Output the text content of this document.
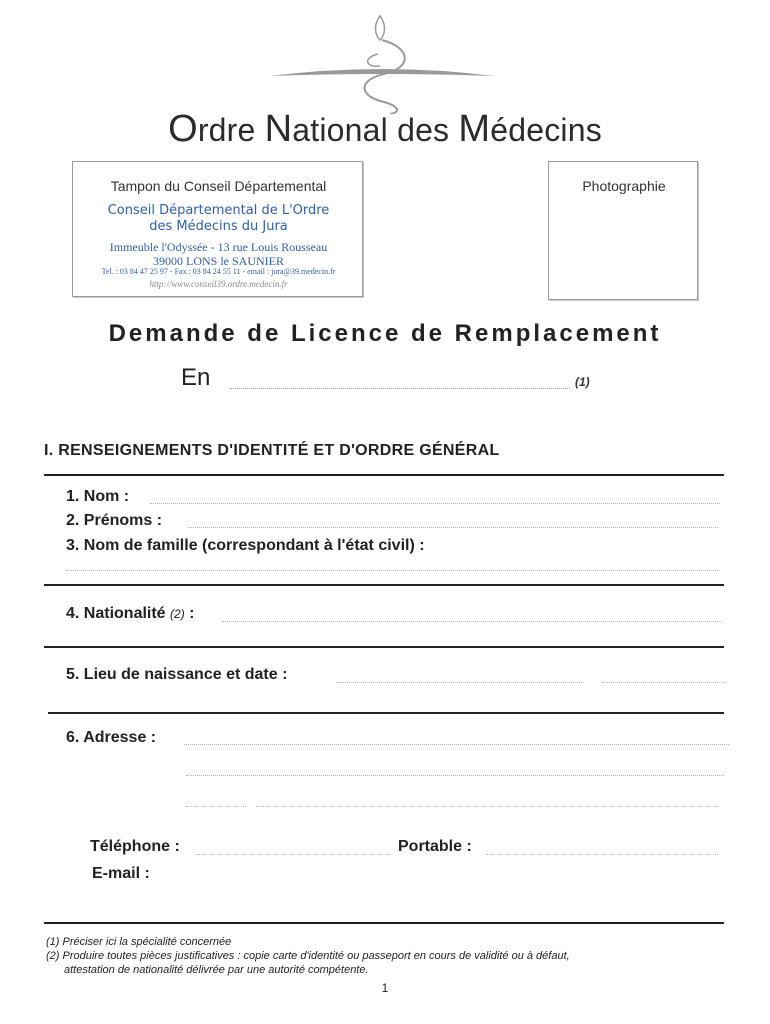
Ordre National des Médecins
Tampon du Conseil Départemental
Conseil Départemental de L'Ordre
des Médecins du Jura
Immeuble l'Odyssée - 13 rue Louis Rousseau
39000 LONS le SAUNIER
Tel. : 03 84 47 25 97 - Fax : 03 84 24 55 11 - email : jura@39.medecin.fr
http://www.conseil39.ordre.medecin.fr
Photographie
Demande de Licence de Remplacement
En	(1)
I. RENSEIGNEMENTS D'IDENTITÉ ET D'ORDRE GÉNÉRAL
1. Nom :
2. Prénoms :
3. Nom de famille (correspondant à l'état civil) :
4. Nationalité (2) :
5. Lieu de naissance et date :
6. Adresse :
Téléphone :	Portable :
E-mail :
(1) Préciser ici la spécialité concernée
(2) Produire toutes pièces justificatives : copie carte d'identité ou passeport en cours de validité ou à défaut,
attestation de nationalité délivrée par une autorité compétente.
1
